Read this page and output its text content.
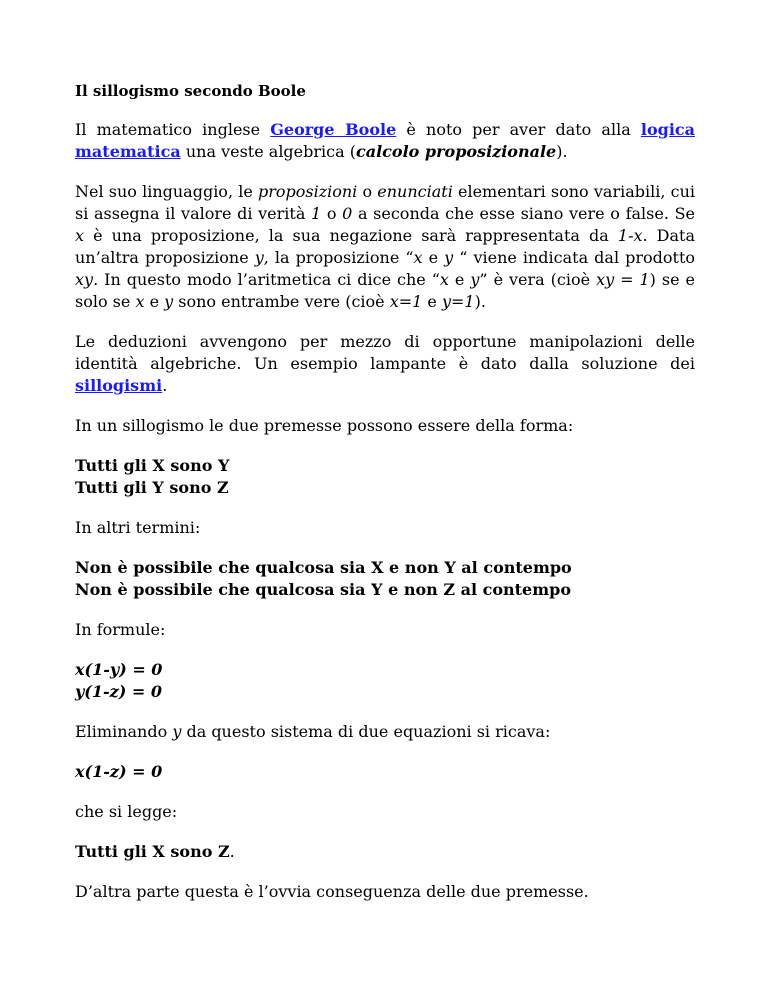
Il sillogismo secondo Boole

Il matematico inglese George Boole è noto per aver dato alla logica matematica una veste algebrica (calcolo proposizionale).

Nel suo linguaggio, le proposizioni o enunciati elementari sono variabili, cui si assegna il valore di verità 1 o 0 a seconda che esse siano vere o false. Se x è una proposizione, la sua negazione sarà rappresentata da 1-x. Data un’altra proposizione y, la proposizione “x e y “ viene indicata dal prodotto xy. In questo modo l’aritmetica ci dice che “x e y” è vera (cioè xy = 1) se e solo se x e y sono entrambe vere (cioè x=1 e y=1).

Le deduzioni avvengono per mezzo di opportune manipolazioni delle identità algebriche. Un esempio lampante è dato dalla soluzione dei sillogismi.

In un sillogismo le due premesse possono essere della forma:

Tutti gli X sono Y
Tutti gli Y sono Z

In altri termini:

Non è possibile che qualcosa sia X e non Y al contempo
Non è possibile che qualcosa sia Y e non Z al contempo

In formule:

x(1-y) = 0
y(1-z) = 0

Eliminando y da questo sistema di due equazioni si ricava:

x(1-z) = 0

che si legge:

Tutti gli X sono Z.

D’altra parte questa è l’ovvia conseguenza delle due premesse.
